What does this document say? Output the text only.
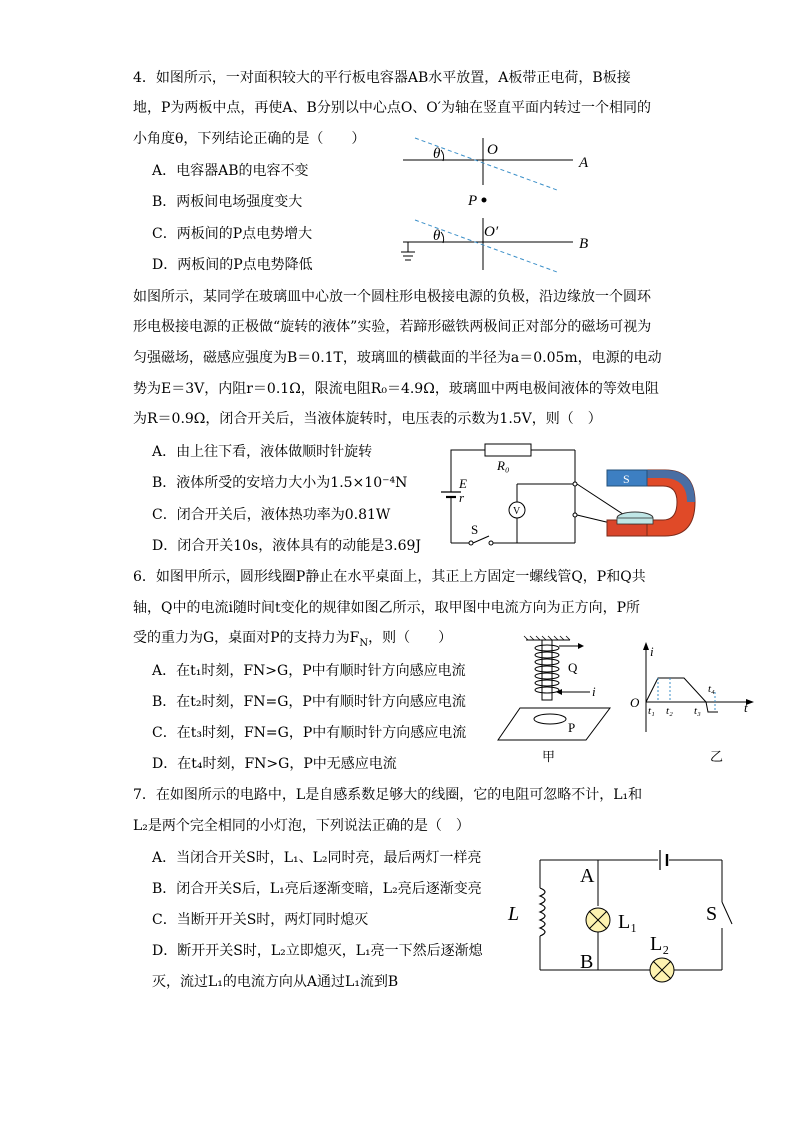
4．如图所示，一对面积较大的平行板电容器AB水平放置，A板带正电荷，B板接
地，P为两板中点，再使A、B分别以中心点O、O′为轴在竖直平面内转过一个相同的
小角度θ，下列结论正确的是（　　）
A．电容器AB的电容不变
B．两板间电场强度变大
C．两板间的P点电势增大
D．两板间的P点电势降低
θ	O
A
P
θ	O′
B
如图所示，某同学在玻璃皿中心放一个圆柱形电极接电源的负极，沿边缘放一个圆环
形电极接电源的正极做“旋转的液体”实验，若蹄形磁铁两极间正对部分的磁场可视为
匀强磁场，磁感应强度为B＝0.1T，玻璃皿的横截面的半径为a＝0.05m，电源的电动
势为E＝3V，内阻r＝0.1Ω，限流电阻R₀＝4.9Ω，玻璃皿中两电极间液体的等效电阻
为R＝0.9Ω，闭合开关后，当液体旋转时，电压表的示数为1.5V，则（　）
A．由上往下看，液体做顺时针旋转
B．液体所受的安培力大小为1.5×10⁻⁴N
C．闭合开关后，液体热功率为0.81W
D．闭合开关10s，液体具有的动能是3.69J
R₀
E
r
S
V
S
6．如图甲所示，圆形线圈P静止在水平桌面上，其正上方固定一螺线管Q，P和Q共
轴，Q中的电流i随时间t变化的规律如图乙所示，取甲图中电流方向为正方向，P所
受的重力为G，桌面对P的支持力为$F_N$，则（　　）
A．在t₁时刻，FN>G，P中有顺时针方向感应电流
B．在t₂时刻，FN=G，P中有顺时针方向感应电流
C．在t₃时刻，FN=G，P中有顺时针方向感应电流
D．在t₄时刻，FN>G，P中无感应电流
Q
i
P
甲
i
O	t
t₁ t₂ t₃
t₄
乙
7．在如图所示的电路中，L是自感系数足够大的线圈，它的电阻可忽略不计，L₁和
L₂是两个完全相同的小灯泡，下列说法正确的是（　）
A．当闭合开关S时，L₁、L₂同时亮，最后两灯一样亮
B．闭合开关S后，L₁亮后逐渐变暗，L₂亮后逐渐变亮
C．当断开开关S时，两灯同时熄灭
D．断开开关S时，L₂立即熄灭，L₁亮一下然后逐渐熄
灭，流过L₁的电流方向从A通过L₁流到B
S
L
A
B
L₁
L₂
